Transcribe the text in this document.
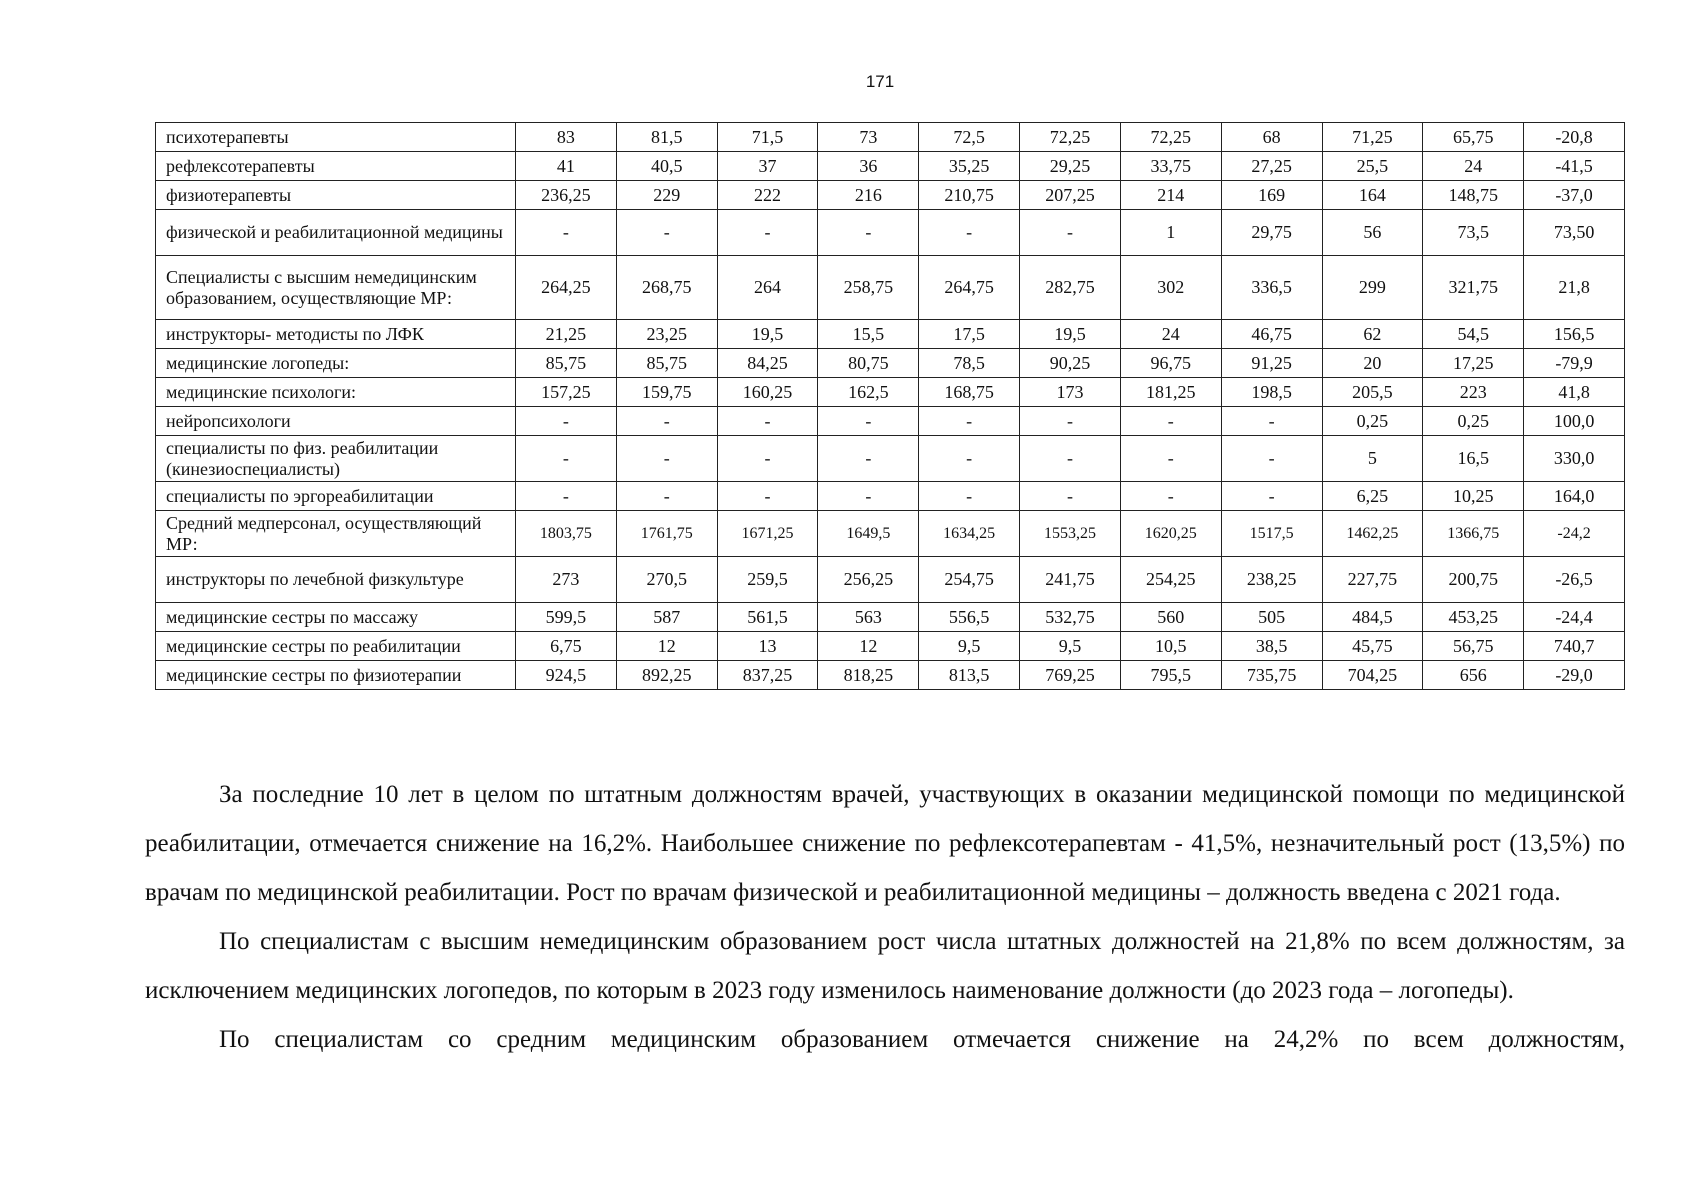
171
психотерапевты	83	81,5	71,5	73	72,5	72,25	72,25	68	71,25	65,75	-20,8
рефлексотерапевты	41	40,5	37	36	35,25	29,25	33,75	27,25	25,5	24	-41,5
физиотерапевты	236,25	229	222	216	210,75	207,25	214	169	164	148,75	-37,0
физической и реабилитационной медицины	-	-	-	-	-	-	1	29,75	56	73,5	73,50
Специалисты с высшим немедицинским образованием, осуществляющие МР:	264,25	268,75	264	258,75	264,75	282,75	302	336,5	299	321,75	21,8
инструкторы- методисты по ЛФК	21,25	23,25	19,5	15,5	17,5	19,5	24	46,75	62	54,5	156,5
медицинские логопеды:	85,75	85,75	84,25	80,75	78,5	90,25	96,75	91,25	20	17,25	-79,9
медицинские психологи:	157,25	159,75	160,25	162,5	168,75	173	181,25	198,5	205,5	223	41,8
нейропсихологи	-	-	-	-	-	-	-	-	0,25	0,25	100,0
специалисты по физ. реабилитации (кинезиоспециалисты)	-	-	-	-	-	-	-	-	5	16,5	330,0
специалисты по эргореабилитации	-	-	-	-	-	-	-	-	6,25	10,25	164,0
Средний медперсонал, осуществляющий МР:	1803,75	1761,75	1671,25	1649,5	1634,25	1553,25	1620,25	1517,5	1462,25	1366,75	-24,2
инструкторы по лечебной физкультуре	273	270,5	259,5	256,25	254,75	241,75	254,25	238,25	227,75	200,75	-26,5
медицинские сестры по массажу	599,5	587	561,5	563	556,5	532,75	560	505	484,5	453,25	-24,4
медицинские сестры по реабилитации	6,75	12	13	12	9,5	9,5	10,5	38,5	45,75	56,75	740,7
медицинские сестры по физиотерапии	924,5	892,25	837,25	818,25	813,5	769,25	795,5	735,75	704,25	656	-29,0

За последние 10 лет в целом по штатным должностям врачей, участвующих в оказании медицинской помощи по медицинской реабилитации, отмечается снижение на 16,2%. Наибольшее снижение по рефлексотерапевтам - 41,5%, незначительный рост (13,5%) по врачам по медицинской реабилитации. Рост по врачам физической и реабилитационной медицины – должность введена с 2021 года.

По специалистам с высшим немедицинским образованием рост числа штатных должностей на 21,8% по всем должностям, за исключением медицинских логопедов, по которым в 2023 году изменилось наименование должности (до 2023 года – логопеды).

По специалистам со средним медицинским образованием отмечается снижение на 24,2% по всем должностям,
